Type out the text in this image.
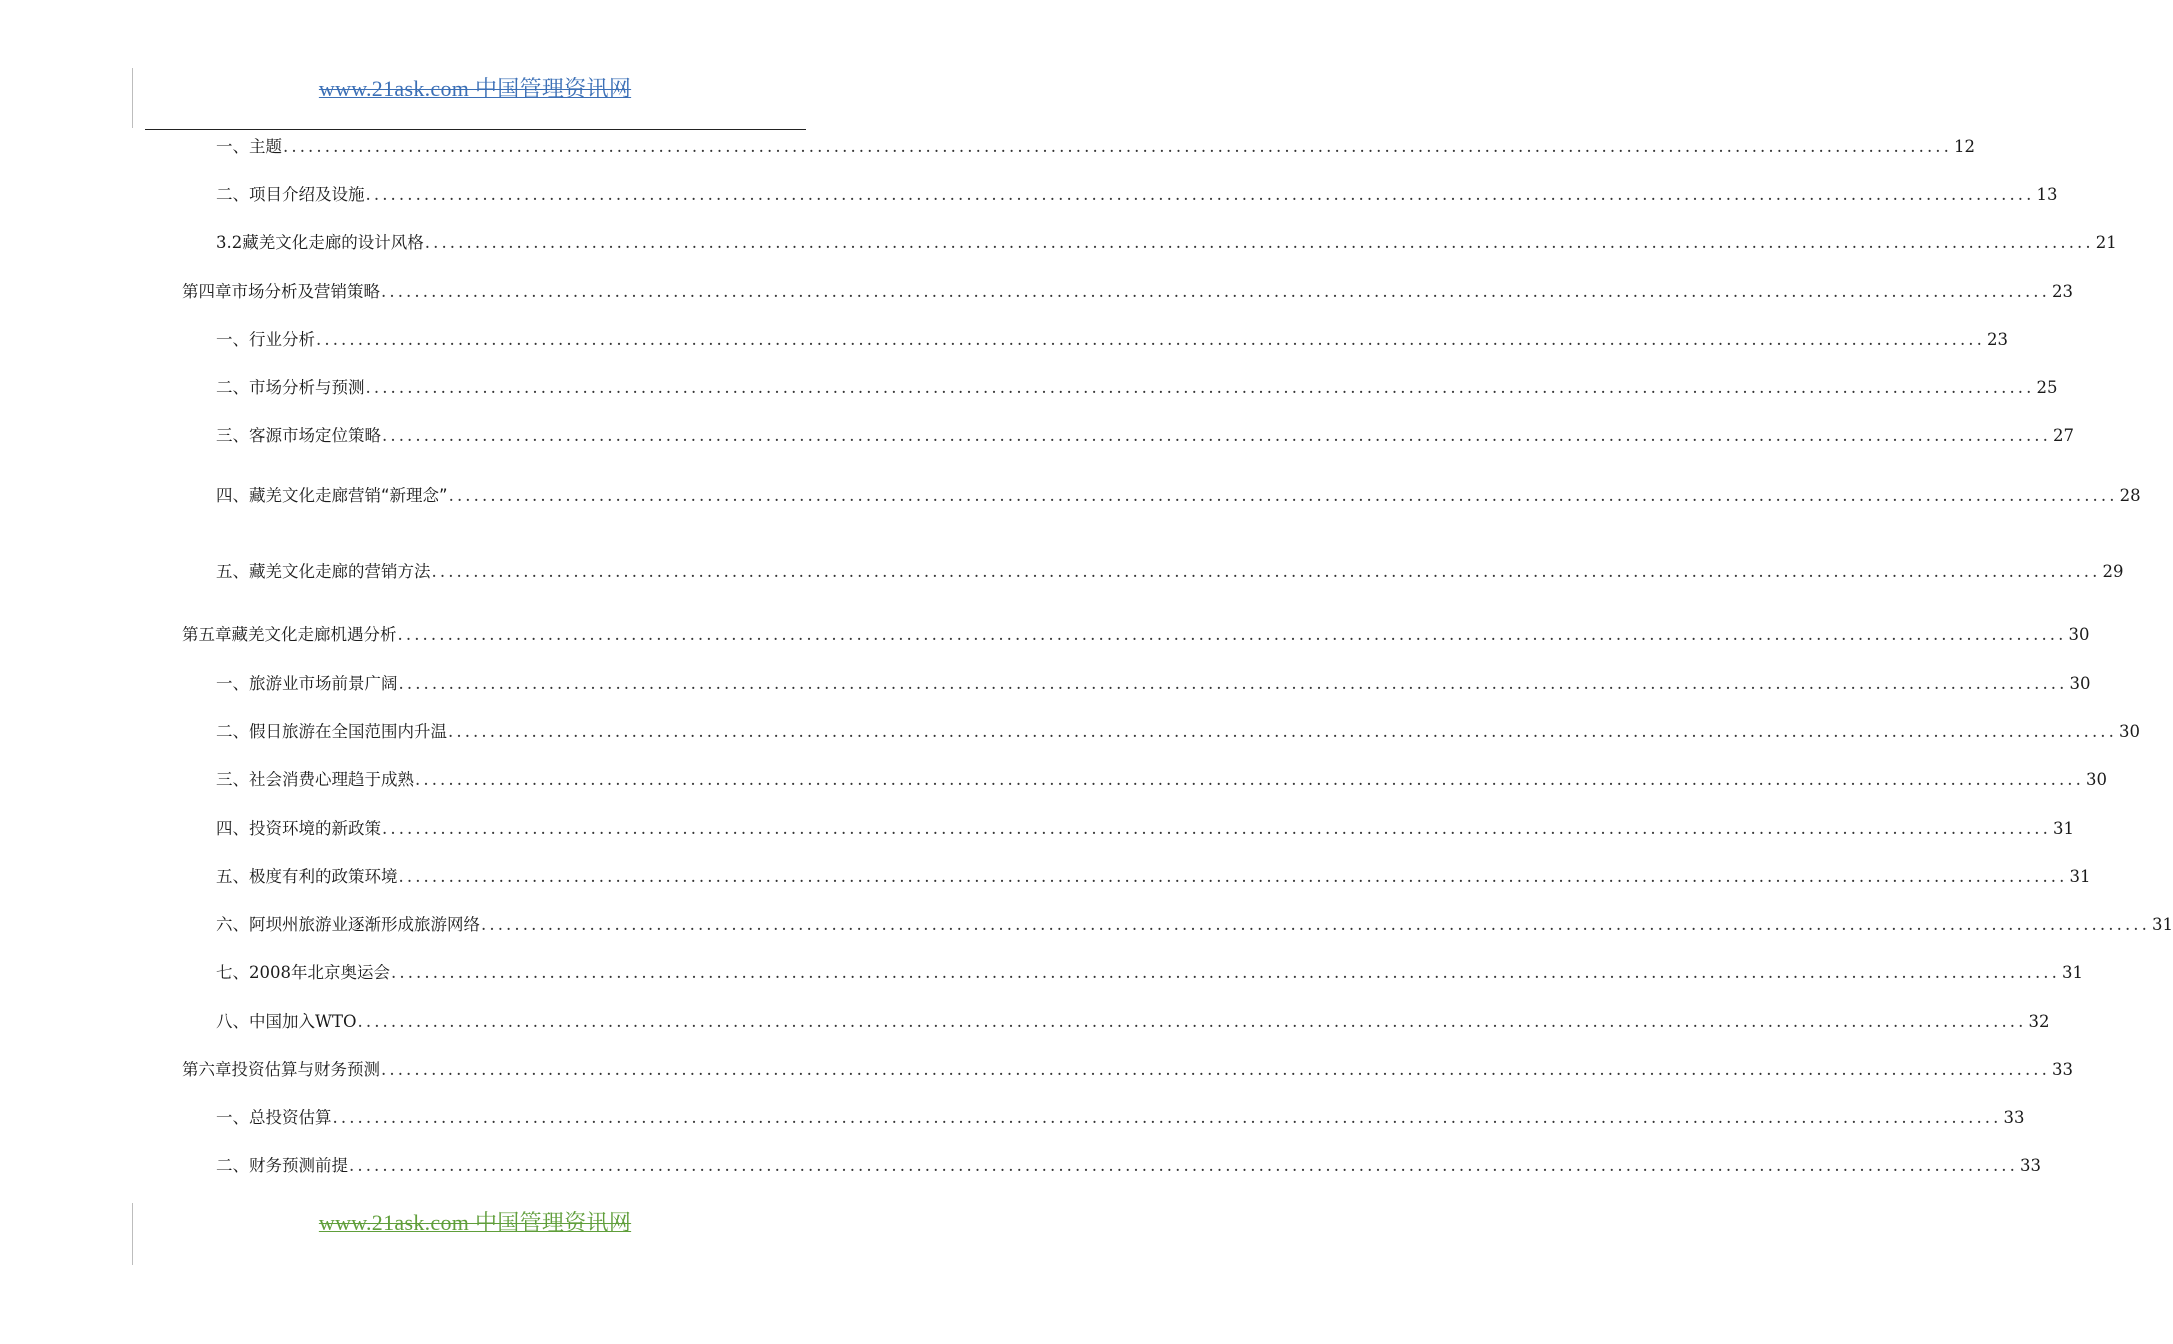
www.21ask.com 中国管理资讯网
一、主题 ........................................................................................................................................................................................................ 12
二、项目介绍及设施 ........................................................................................................................................................................................................ 13
3.2藏羌文化走廊的设计风格 ........................................................................................................................................................................................................ 21
第四章 市场分析及营销策略 ........................................................................................................................................................................................................ 23
一、行业分析 ........................................................................................................................................................................................................ 23
二、市场分析与预测 ........................................................................................................................................................................................................ 25
三、客源市场定位策略 ........................................................................................................................................................................................................ 27
四、藏羌文化走廊营销“新理念” ........................................................................................................................................................................................................ 28
五、藏羌文化走廊的营销方法 ........................................................................................................................................................................................................ 29
第五章 藏羌文化走廊机遇分析 ........................................................................................................................................................................................................ 30
一、旅游业市场前景广阔 ........................................................................................................................................................................................................ 30
二、假日旅游在全国范围内升温 ........................................................................................................................................................................................................ 30
三、社会消费心理趋于成熟 ........................................................................................................................................................................................................ 30
四、投资环境的新政策 ........................................................................................................................................................................................................ 31
五、极度有利的政策环境 ........................................................................................................................................................................................................ 31
六、阿坝州旅游业逐渐形成旅游网络 ........................................................................................................................................................................................................ 31
七、2008年北京奥运会 ........................................................................................................................................................................................................ 31
八、中国加入WTO ........................................................................................................................................................................................................ 32
第六章 投资估算与财务预测 ........................................................................................................................................................................................................ 33
一、总投资估算 ........................................................................................................................................................................................................ 33
二、财务预测前提 ........................................................................................................................................................................................................ 33
www.21ask.com 中国管理资讯网
